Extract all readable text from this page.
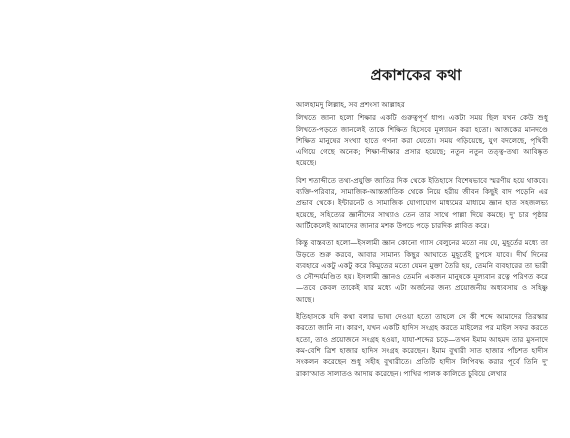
প্রকাশকের কথা

আলহামদু লিল্লাহ, সব প্রশংসা আল্লাহর

লিখতে জানা হলো শিক্ষার একটি গুরুত্বপূর্ণ ধাপ। একটা সময় ছিল যখন কেউ শুধু লিখতে-পড়তে জানলেই তাকে শিক্ষিত হিসেবে মূল্যায়ন করা হতো। আজকের মানদণ্ডে শিক্ষিত মানুষের সংখ্যা হাতে গণনা করা যেতো। সময় গড়িয়েছে, যুগ বদলেছে, পৃথিবী এগিয়ে গেছে অনেক; শিক্ষা-দীক্ষার প্রসার হয়েছে; নতুন নতুন তত্ত্ব-তথ্য আবিষ্কৃত হয়েছে।

বিশ শতাব্দীতে তথ্য-প্রযুক্তি জাতির দিক থেকে ইতিহাসে বিশেষভাবে স্মরণীয় হয়ে থাকবে। ব্যক্তি-পরিবার, সামাজিক-আন্তর্জাতিক থেকে নিয়ে হরীয় জীবন কিছুই বাদ পড়েনি এর প্রভাব থেকে। ইন্টারনেট ও সামাজিক যোগাযোগ মাধ্যমের মাধ্যমে জ্ঞান হাত সহজলভ্য হয়েছে, সহিত্যের জ্ঞানীদের সাথ্যাও তেন তার সাথে পাল্লা দিয়ে কমছে। দু' চার পৃষ্ঠার আর্টিকেলেই আমাদের জানার মশক উপচে পড়ে চারদিক প্লাবিত করে।

কিন্তু বাস্তবতা হলো—ইসলামী জ্ঞান কোনো গ্যাস বেলুনের মতো নয় যে, মুহূর্তের মধ্যে তা উড়তে শুরু করবে, আবার সামান্য কিছুর আঘাতে মুহূর্তেই চুপসে যাবে। দীর্ঘ দিনের ব্যবহারে একটু একটু করে কিমুতের মতো যেমন মুক্তা তৈরি হয়, তেমনি ব্যবহারের তা ভারী ও সৌন্দর্যমণ্ডিত হয়। ইসলামী জ্ঞানও তেমনি একজন মানুষকে মূল্যবান রত্নে পরিণত করে—তবে কেবল তাকেই যার মধ্যে এটা অর্জনের জন্য প্রয়োজনীয় অধ্যবসায় ও সহিষ্ণু আছে।

ইতিহাসকে যদি কথা বলার ভাষা দেওয়া হতো তাহলে সে কী শব্দে আমাদের তিরস্কার করতো জানি না। কারণ, যখন একটি হাদিস সংগ্রহ করতে মাইলের পর মাইল সফর করতে হতো, তাও প্রয়োজনে সংগ্ৰহ হওয়া, যাযা-শব্দের চড়ে—তখন ইমাম আহমদ তার মুসনাদে কম-বেশি ত্রিশ হাজার হাদিস সংগ্রহ করেছেন। ইমাম বুখারী সাত হাজার পাঁচশত হাদীস সংকলন করেছেন শুধু সহীহ বুখারীতে। প্রতিটি হাদীস লিপিবদ্ধ করার পূর্বে তিনি দু' রাকা'আত সালাতও আদায় করেছেন। পাখির পালক কালিতে চুবিয়ে লেখার
